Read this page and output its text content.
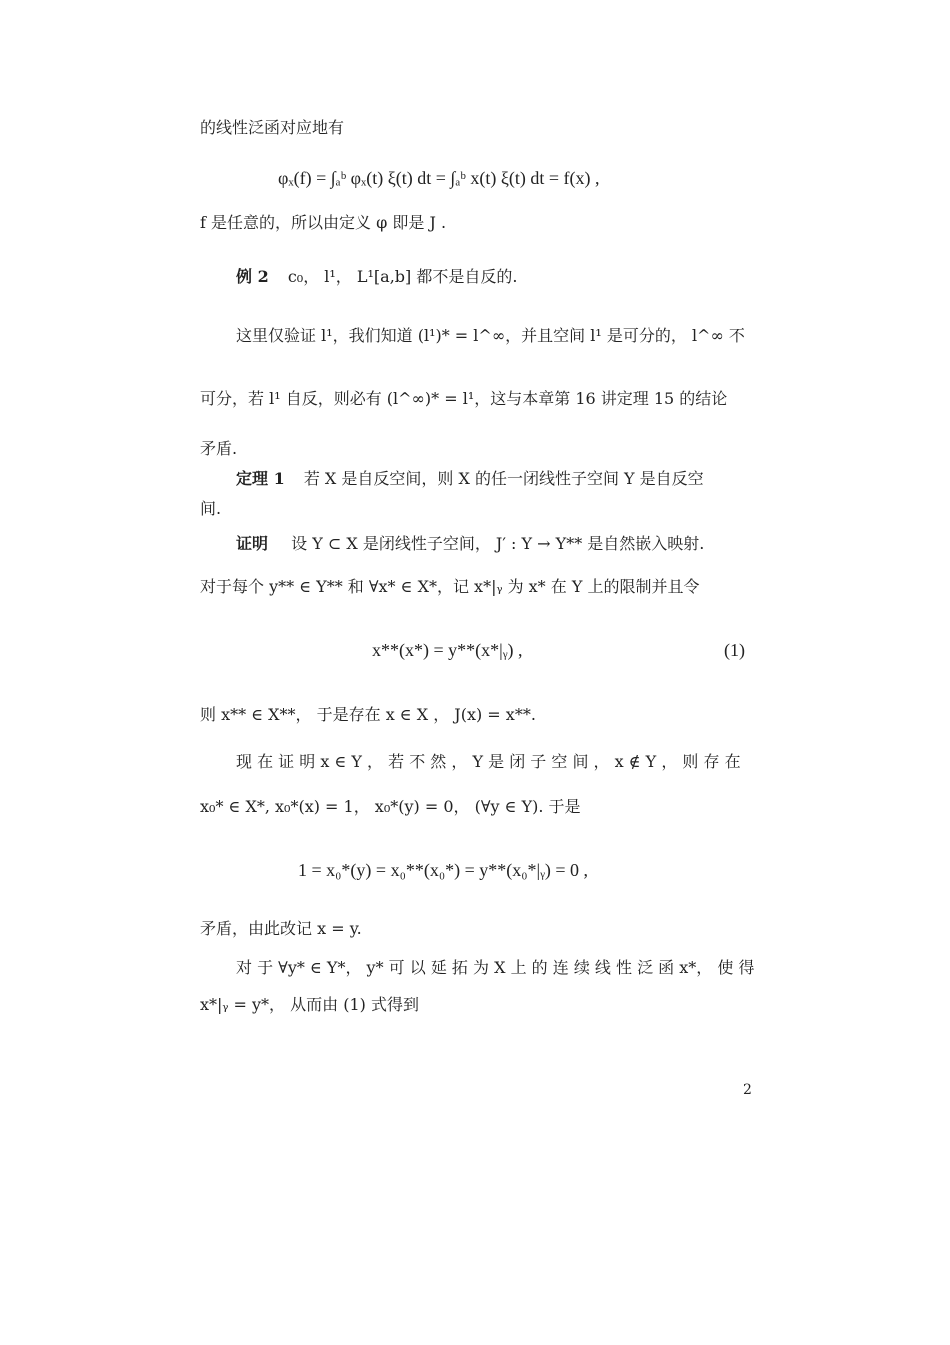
的线性泛函对应地有
φₓ(f) = ∫ₐᵇ φₓ(t) ξ(t) dt = ∫ₐᵇ x(t) ξ(t) dt = f(x) ,
f 是任意的，所以由定义 φ 即是 J .
例 2 c₀， l¹， L¹[a,b] 都不是自反的.
这里仅验证 l¹，我们知道 (l¹)* = l^∞，并且空间 l¹ 是可分的， l^∞ 不
可分，若 l¹ 自反，则必有 (l^∞)* = l¹，这与本章第 16 讲定理 15 的结论
矛盾.
定理 1 若 X 是自反空间，则 X 的任一闭线性子空间 Y 是自反空
间.
证明 设 Y ⊂ X 是闭线性子空间， J′ : Y → Y** 是自然嵌入映射.
对于每个 y** ∈ Y** 和 ∀x* ∈ X*，记 x*|ᵧ 为 x* 在 Y 上的限制并且令
x**(x*) = y**(x*|ᵧ) ,	(1)
则 x** ∈ X**， 于是存在 x ∈ X ， J(x) = x**.
现 在 证 明 x ∈ Y ， 若 不 然 ， Y 是 闭 子 空 间 ， x ∉ Y ， 则 存 在
x₀* ∈ X*, x₀*(x) = 1， x₀*(y) = 0， (∀y ∈ Y). 于是
1 = x₀*(y) = x₀**(x₀*) = y**(x₀*|ᵧ) = 0 ,
矛盾，由此改记 x = y.
对 于 ∀y* ∈ Y*， y* 可 以 延 拓 为 X 上 的 连 续 线 性 泛 函 x*， 使 得
x*|ᵧ = y*， 从而由 (1) 式得到
2
